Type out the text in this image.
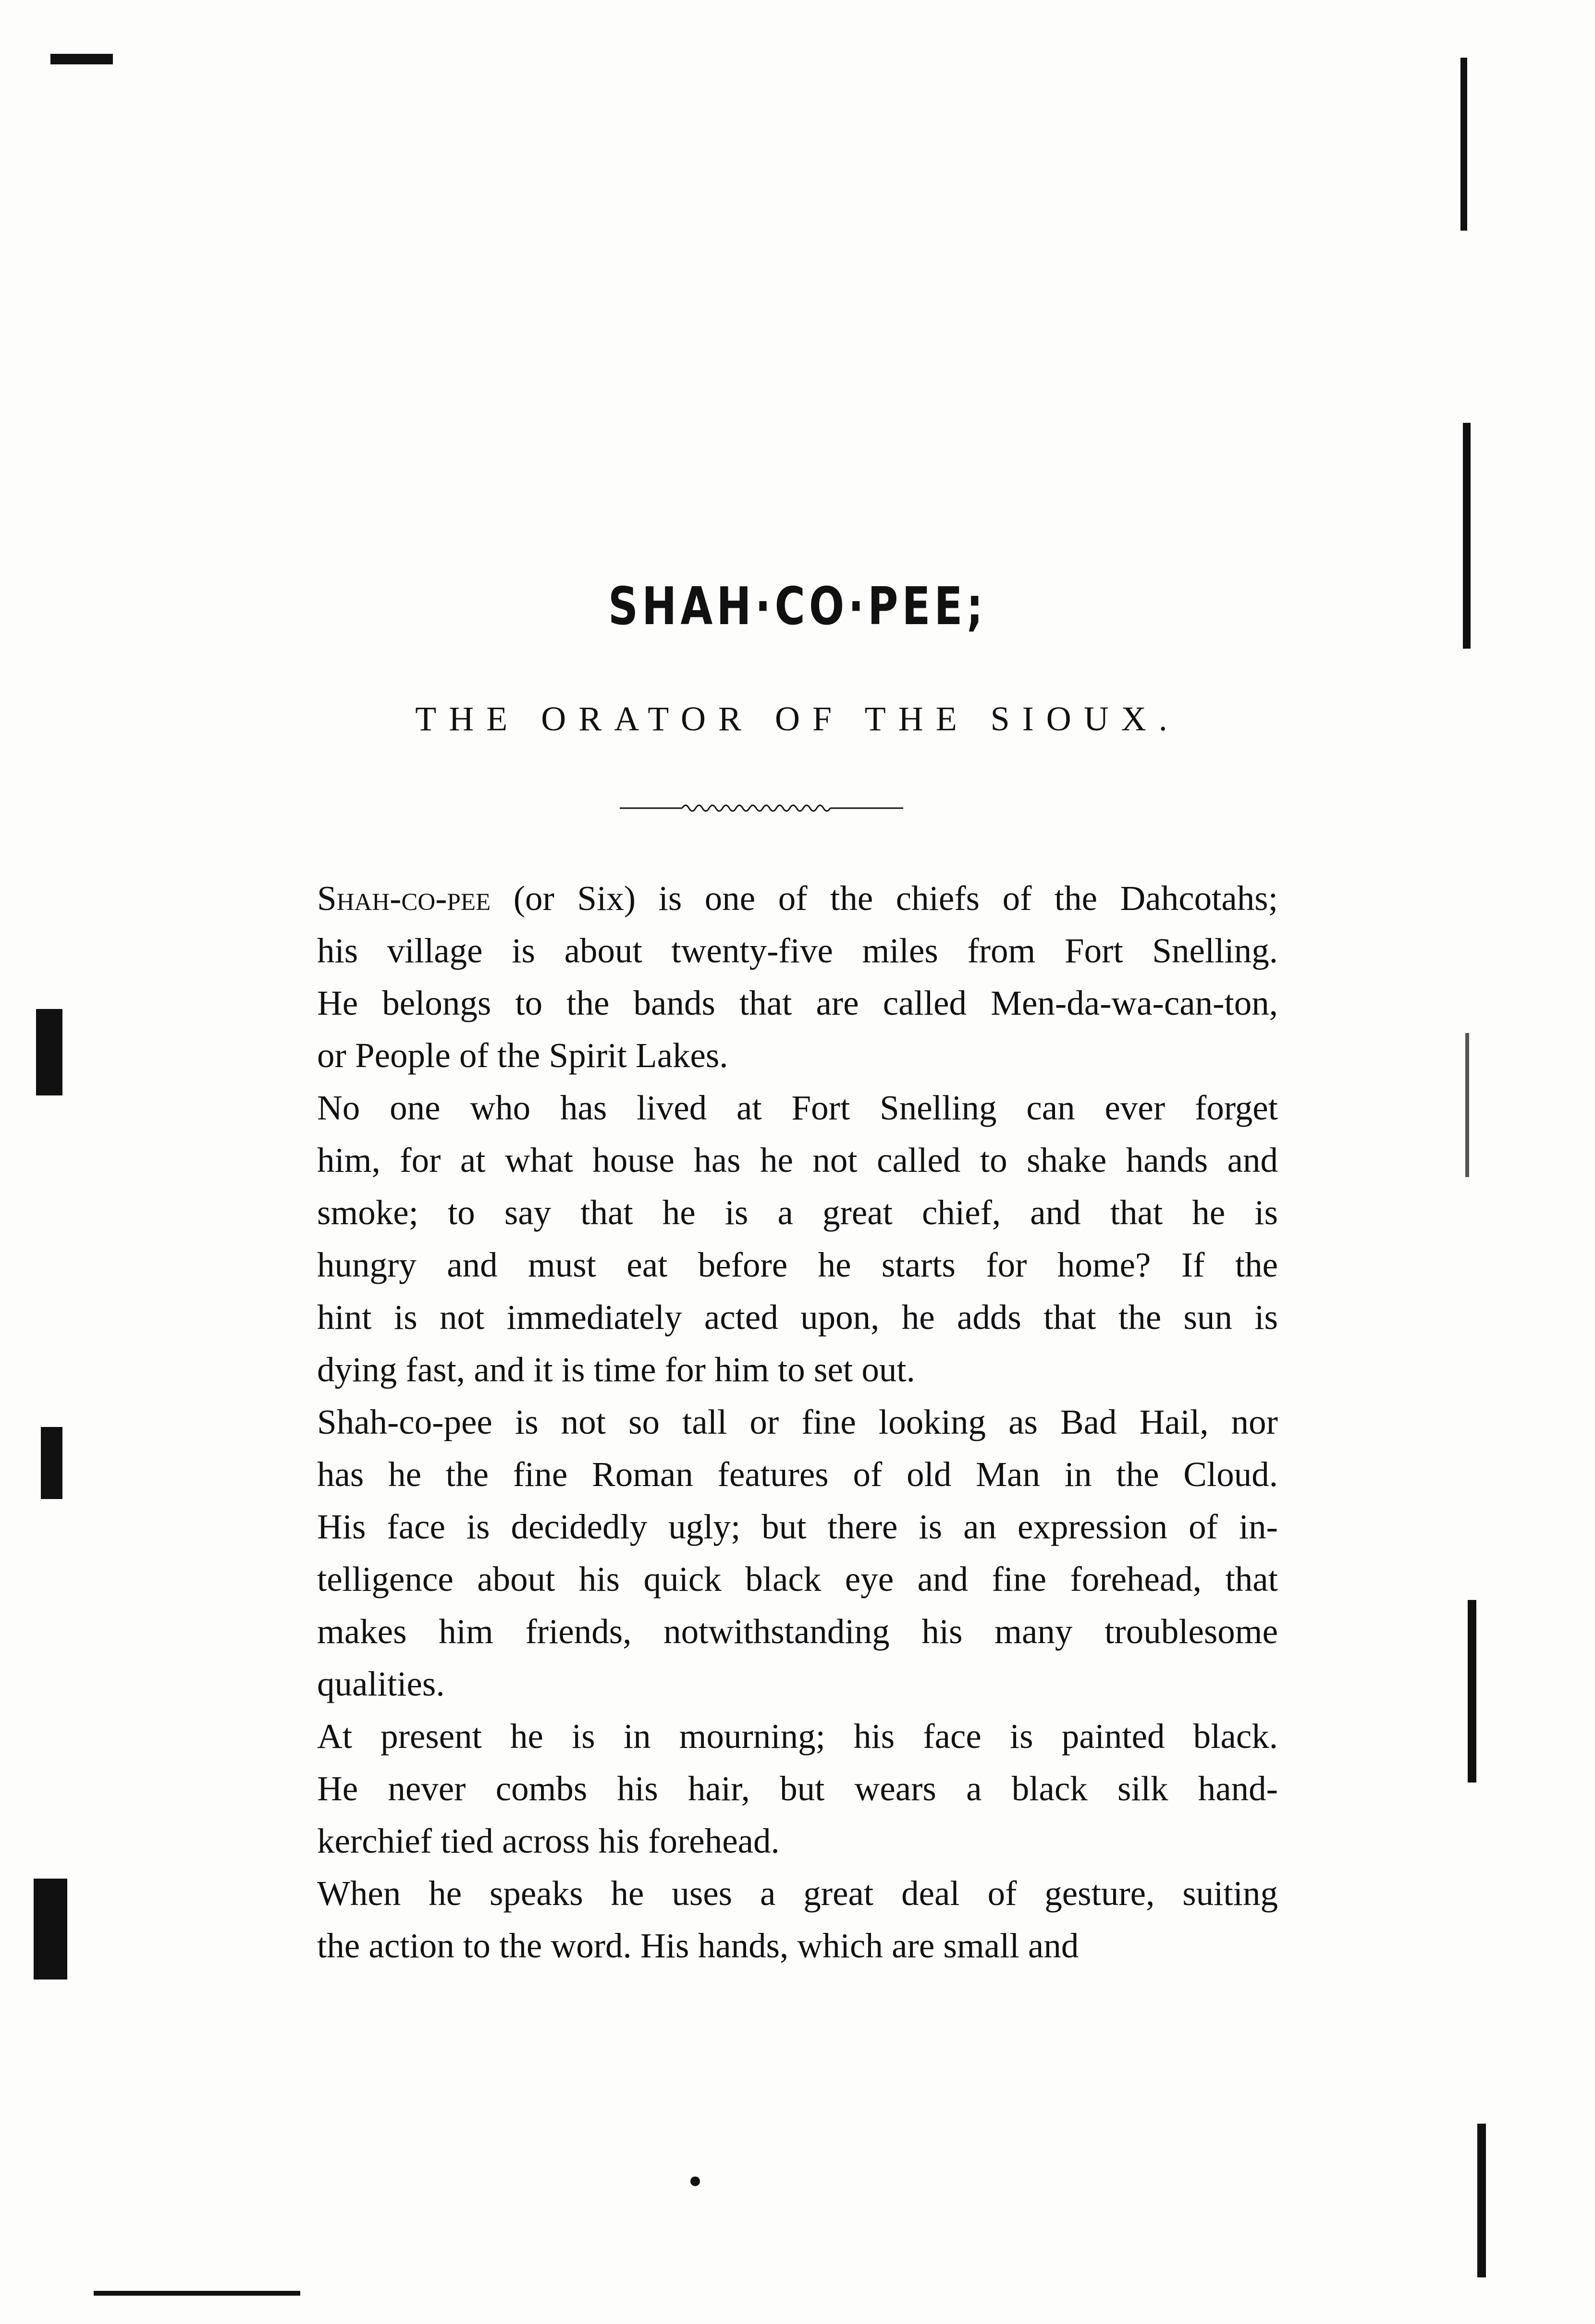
SHAH·CO·PEE;
THE ORATOR OF THE SIOUX.

Shah-co-pee (or Six) is one of the chiefs of the Dahcotahs;
his village is about twenty-five miles from Fort Snelling.
He belongs to the bands that are called Men-da-wa-can-ton,
or People of the Spirit Lakes.

No one who has lived at Fort Snelling can ever forget
him, for at what house has he not called to shake hands and
smoke; to say that he is a great chief, and that he is
hungry and must eat before he starts for home? If the
hint is not immediately acted upon, he adds that the sun is
dying fast, and it is time for him to set out.

Shah-co-pee is not so tall or fine looking as Bad Hail, nor
has he the fine Roman features of old Man in the Cloud.
His face is decidedly ugly; but there is an expression of in-
telligence about his quick black eye and fine forehead, that
makes him friends, notwithstanding his many troublesome
qualities.

At present he is in mourning; his face is painted black.
He never combs his hair, but wears a black silk hand-
kerchief tied across his forehead.

When he speaks he uses a great deal of gesture, suiting
the action to the word. His hands, which are small and
